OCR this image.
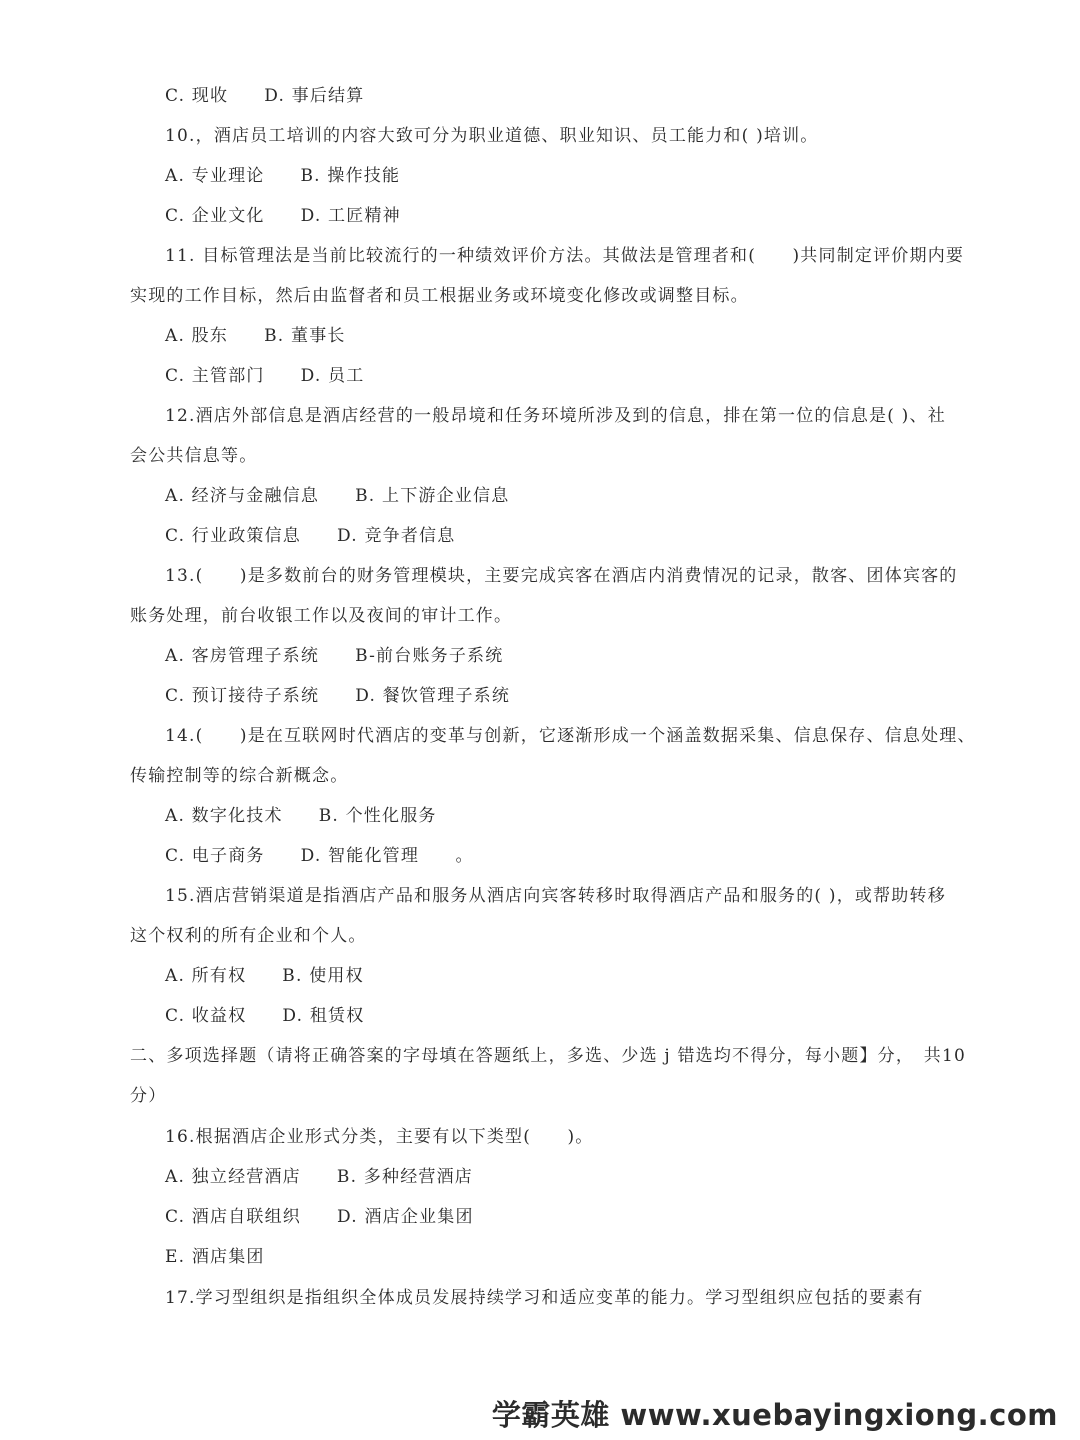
C. 现收 D. 事后结算
10.，酒店员工培训的内容大致可分为职业道德、职业知识、员工能力和( )培训。
A. 专业理论 B. 操作技能
C. 企业文化 D. 工匠精神
11. 目标管理法是当前比较流行的一种绩效评价方法。其做法是管理者和(　　)共同制定评价期内要
实现的工作目标，然后由监督者和员工根据业务或环境变化修改或调整目标。
A. 股东 B. 董事长
C. 主管部门 D. 员工
12.酒店外部信息是酒店经营的一般昂境和任务环境所涉及到的信息，排在第一位的信息是( )、社
会公共信息等。
A. 经济与金融信息 B. 上下游企业信息
C. 行业政策信息 D. 竞争者信息
13.(　　)是多数前台的财务管理模块，主要完成宾客在酒店内消费情况的记录，散客、团体宾客的
账务处理，前台收银工作以及夜间的审计工作。
A. 客房管理子系统 B-前台账务子系统
C. 预订接待子系统 D. 餐饮管理子系统
14.(　　)是在互联网时代酒店的变革与创新，它逐渐形成一个涵盖数据采集、信息保存、信息处理、
传输控制等的综合新概念。
A. 数字化技术 B. 个性化服务
C. 电子商务 D. 智能化管理　　。
15.酒店营销渠道是指酒店产品和服务从酒店向宾客转移时取得酒店产品和服务的( )，或帮助转移
这个权利的所有企业和个人。
A. 所有权 B. 使用权
C. 收益权 D. 租赁权
二、多项选择题（请将正确答案的字母填在答题纸上，多选、少选 j 错选均不得分，每小题】分，　共10
分）
16.根据酒店企业形式分类，主要有以下类型(　　)。
A. 独立经营酒店 B. 多种经营酒店
C. 酒店自联组织 D. 酒店企业集团
E. 酒店集团
17.学习型组织是指组织全体成员发展持续学习和适应变革的能力。学习型组织应包括的要素有
学霸英雄 www.xuebayingxiong.com
